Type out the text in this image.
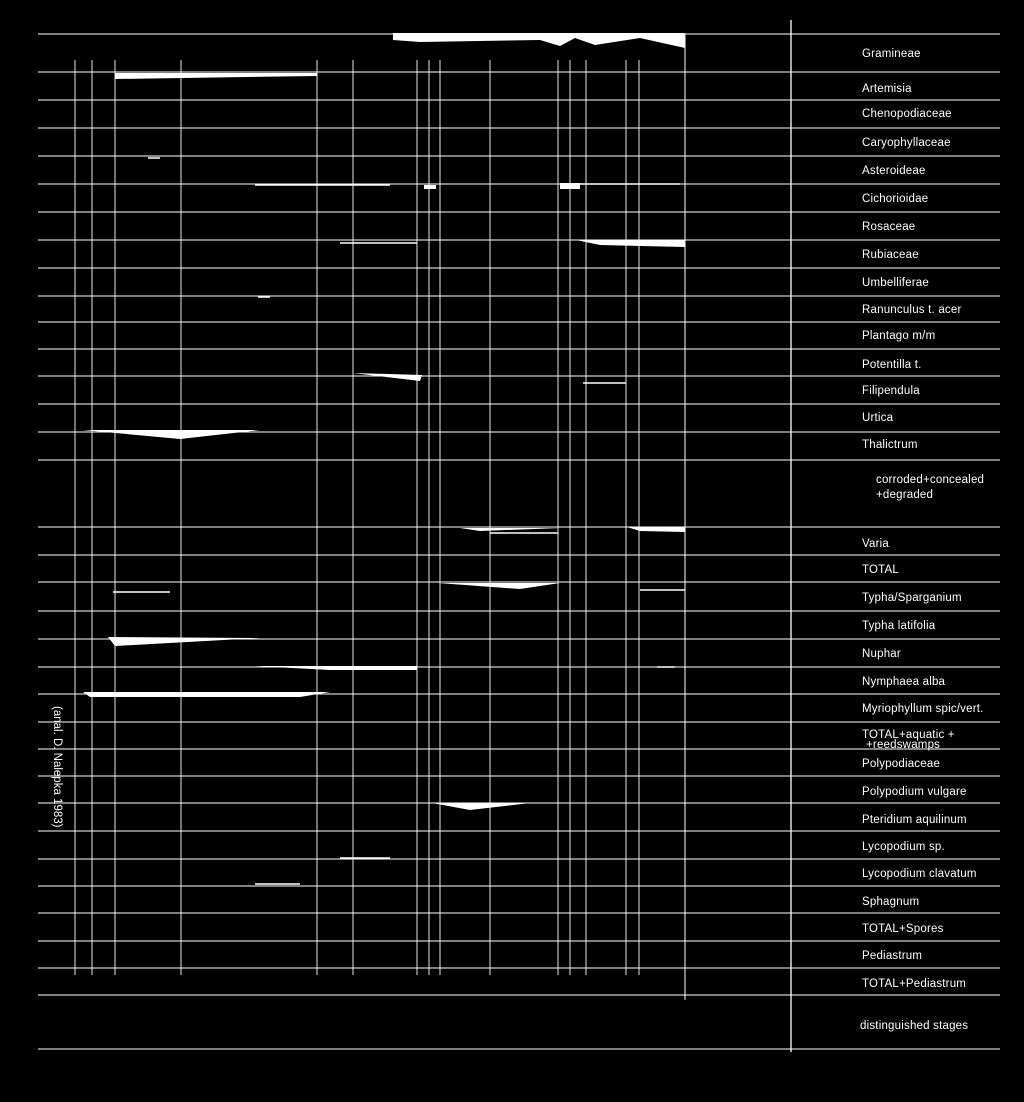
Gramineae
Artemisia
Chenopodiaceae
Caryophyllaceae
Asteroideae
Cichorioidae
Rosaceae
Rubiaceae
Umbelliferae
Ranunculus t. acer
Plantago m/m
Potentilla t.
Filipendula
Urtica
Thalictrum
corroded+concealed
+degraded
Varia
TOTAL
Typha/Sparganium
Typha latifolia
Nuphar
Nymphaea alba
Myriophyllum spic/vert.
TOTAL+aquatic +
+reedswamps
Polypodiaceae
Polypodium vulgare
Pteridium aquilinum
Lycopodium sp.
Lycopodium clavatum
Sphagnum
TOTAL+Spores
Pediastrum
TOTAL+Pediastrum
distinguished stages
(anal. D. Nalepka 1983)
